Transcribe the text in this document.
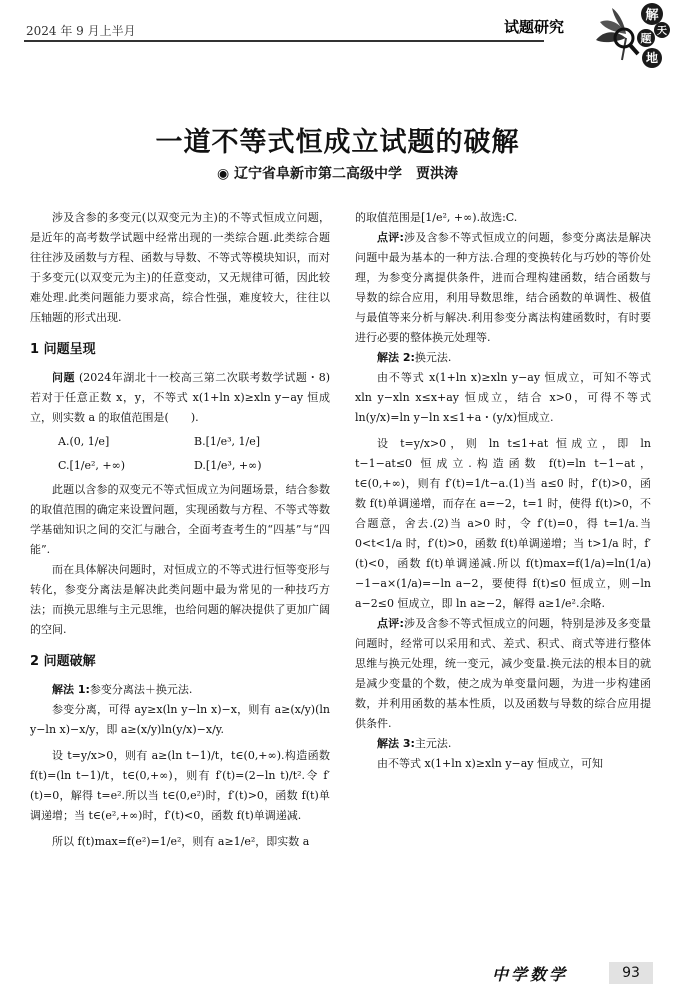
2024 年 9 月上半月	试题研究
解
题
天
地
一道不等式恒成立试题的破解
◉ 辽宁省阜新市第二高级中学　贾洪涛

涉及含参的多变元(以双变元为主)的不等式恒成立问题，是近年的高考数学试题中经常出现的一类综合题.此类综合题往往涉及函数与方程、函数与导数、不等式等模块知识，而对于多变元(以双变元为主)的任意变动，又无规律可循，因此较难处理.此类问题能力要求高，综合性强，难度较大，往往以压轴题的形式出现.

1 问题呈现

问题 (2024年湖北十一校高三第二次联考数学试题・8)若对于任意正数 x，y，不等式 x(1+ln x)≥xln y−ay 恒成立，则实数 a 的取值范围是(　　).

A.(0, 1/e]	B.[1/e³, 1/e]
C.[1/e², +∞)	D.[1/e³, +∞)

此题以含参的双变元不等式恒成立为问题场景，结合参数的取值范围的确定来设置问题，实现函数与方程、不等式等数学基础知识之间的交汇与融合，全面考查考生的“四基”与“四能”.

而在具体解决问题时，对恒成立的不等式进行恒等变形与转化，参变分离法是解决此类问题中最为常见的一种技巧方法；而换元思维与主元思维，也给问题的解决提供了更加广阔的空间.

2 问题破解

解法 1:参变分离法＋换元法.

参变分离，可得 ay≥x(ln y−ln x)−x，则有 a≥(x/y)(ln y−ln x)−x/y，即 a≥(x/y)ln(y/x)−x/y.

设 t=y/x>0，则有 a≥(ln t−1)/t，t∈(0,+∞).构造函数 f(t)=(ln t−1)/t，t∈(0,+∞)，则有 f′(t)=(2−ln t)/t².令 f′(t)=0，解得 t=e².所以当 t∈(0,e²)时，f′(t)>0，函数 f(t)单调递增；当 t∈(e²,+∞)时，f′(t)<0，函数 f(t)单调递减.

所以 f(t)max=f(e²)=1/e²，则有 a≥1/e²，即实数 a

的取值范围是[1/e², +∞).故选:C.

点评:涉及含参不等式恒成立的问题，参变分离法是解决问题中最为基本的一种方法.合理的变换转化与巧妙的等价处理，为参变分离提供条件，进而合理构建函数，结合函数与导数的综合应用，利用导数思维，结合函数的单调性、极值与最值等来分析与解决.利用参变分离法构建函数时，有时要进行必要的整体换元处理等.

解法 2:换元法.

由不等式 x(1+ln x)≥xln y−ay 恒成立，可知不等式 xln y−xln x≤x+ay 恒成立，结合 x>0，可得不等式 ln(y/x)=ln y−ln x≤1+a・(y/x)恒成立.

设 t=y/x>0，则 ln t≤1+at 恒成立，即 ln t−1−at≤0 恒成立.构造函数 f(t)=ln t−1−at，t∈(0,+∞)，则有 f′(t)=1/t−a.(1)当 a≤0 时，f′(t)>0，函数 f(t)单调递增，而存在 a=−2，t=1 时，使得 f(t)>0，不合题意，舍去.(2)当 a>0 时，令 f′(t)=0，得 t=1/a.当 0<t<1/a 时，f′(t)>0，函数 f(t)单调递增；当 t>1/a 时，f′(t)<0，函数 f(t)单调递减.所以 f(t)max=f(1/a)=ln(1/a)−1−a×(1/a)=−ln a−2，要使得 f(t)≤0 恒成立，则−ln a−2≤0 恒成立，即 ln a≥−2，解得 a≥1/e².余略.

点评:涉及含参不等式恒成立的问题，特别是涉及多变量问题时，经常可以采用和式、差式、积式、商式等进行整体思维与换元处理，统一变元，减少变量.换元法的根本目的就是减少变量的个数，使之成为单变量问题，为进一步构建函数，并利用函数的基本性质，以及函数与导数的综合应用提供条件.

解法 3:主元法.

由不等式 x(1+ln x)≥xln y−ay 恒成立，可知

中学数学	93
